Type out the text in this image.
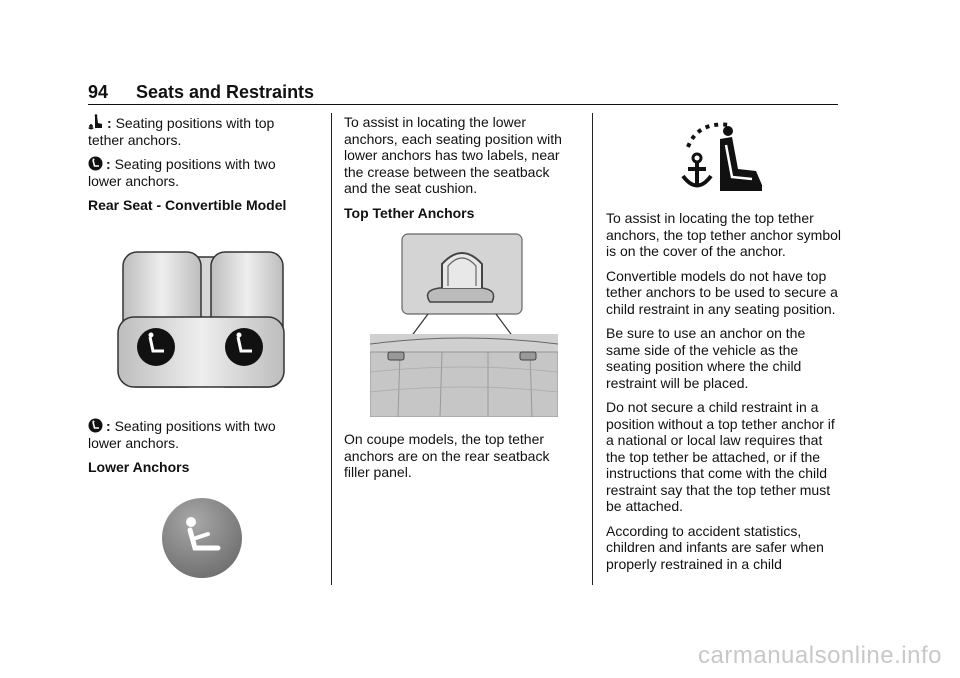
94 Seats and Restraints

: Seating positions with top tether anchors.

: Seating positions with two lower anchors.

Rear Seat - Convertible Model

: Seating positions with two lower anchors.

Lower Anchors

To assist in locating the lower anchors, each seating position with lower anchors has two labels, near the crease between the seatback and the seat cushion.

Top Tether Anchors

On coupe models, the top tether anchors are on the rear seatback filler panel.

To assist in locating the top tether anchors, the top tether anchor symbol is on the cover of the anchor.

Convertible models do not have top tether anchors to be used to secure a child restraint in any seating position.

Be sure to use an anchor on the same side of the vehicle as the seating position where the child restraint will be placed.

Do not secure a child restraint in a position without a top tether anchor if a national or local law requires that the top tether be attached, or if the instructions that come with the child restraint say that the top tether must be attached.

According to accident statistics, children and infants are safer when properly restrained in a child

carmanualsonline.info
